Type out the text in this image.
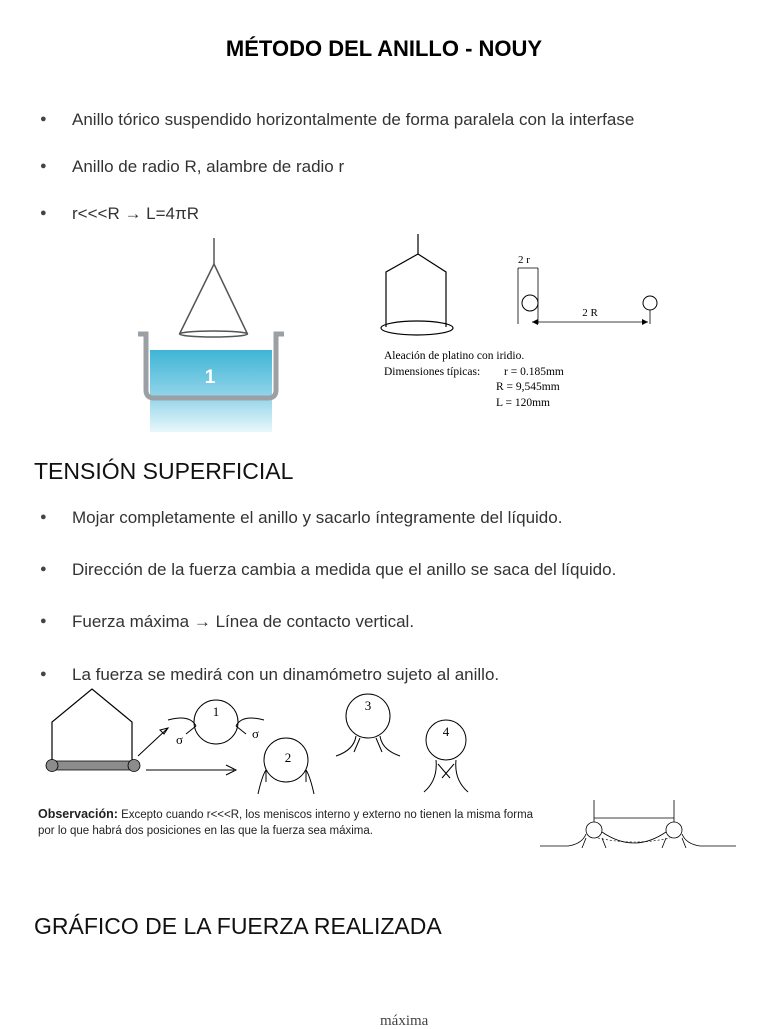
MÉTODO DEL ANILLO - NOUY
● Anillo tórico suspendido horizontalmente de forma paralela con la interfase
● Anillo de radio R, alambre de radio r
● r<<<R → L=4πR
1
2 r
2 R
Aleación de platino con iridio.
Dimensiones típicas: r = 0.185mm
R = 9,545mm
L = 120mm
TENSIÓN SUPERFICIAL
● Mojar completamente el anillo y sacarlo íntegramente del líquido.
● Dirección de la fuerza cambia a medida que el anillo se saca del líquido.
● Fuerza máxima → Línea de contacto vertical.
● La fuerza se medirá con un dinamómetro sujeto al anillo.
1
σ	σ
2
3
4
Observación: Excepto cuando r<<<R, los meniscos interno y externo no tienen la misma forma por lo que habrá dos posiciones en las que la fuerza sea máxima.
GRÁFICO DE LA FUERZA REALIZADA
máxima
